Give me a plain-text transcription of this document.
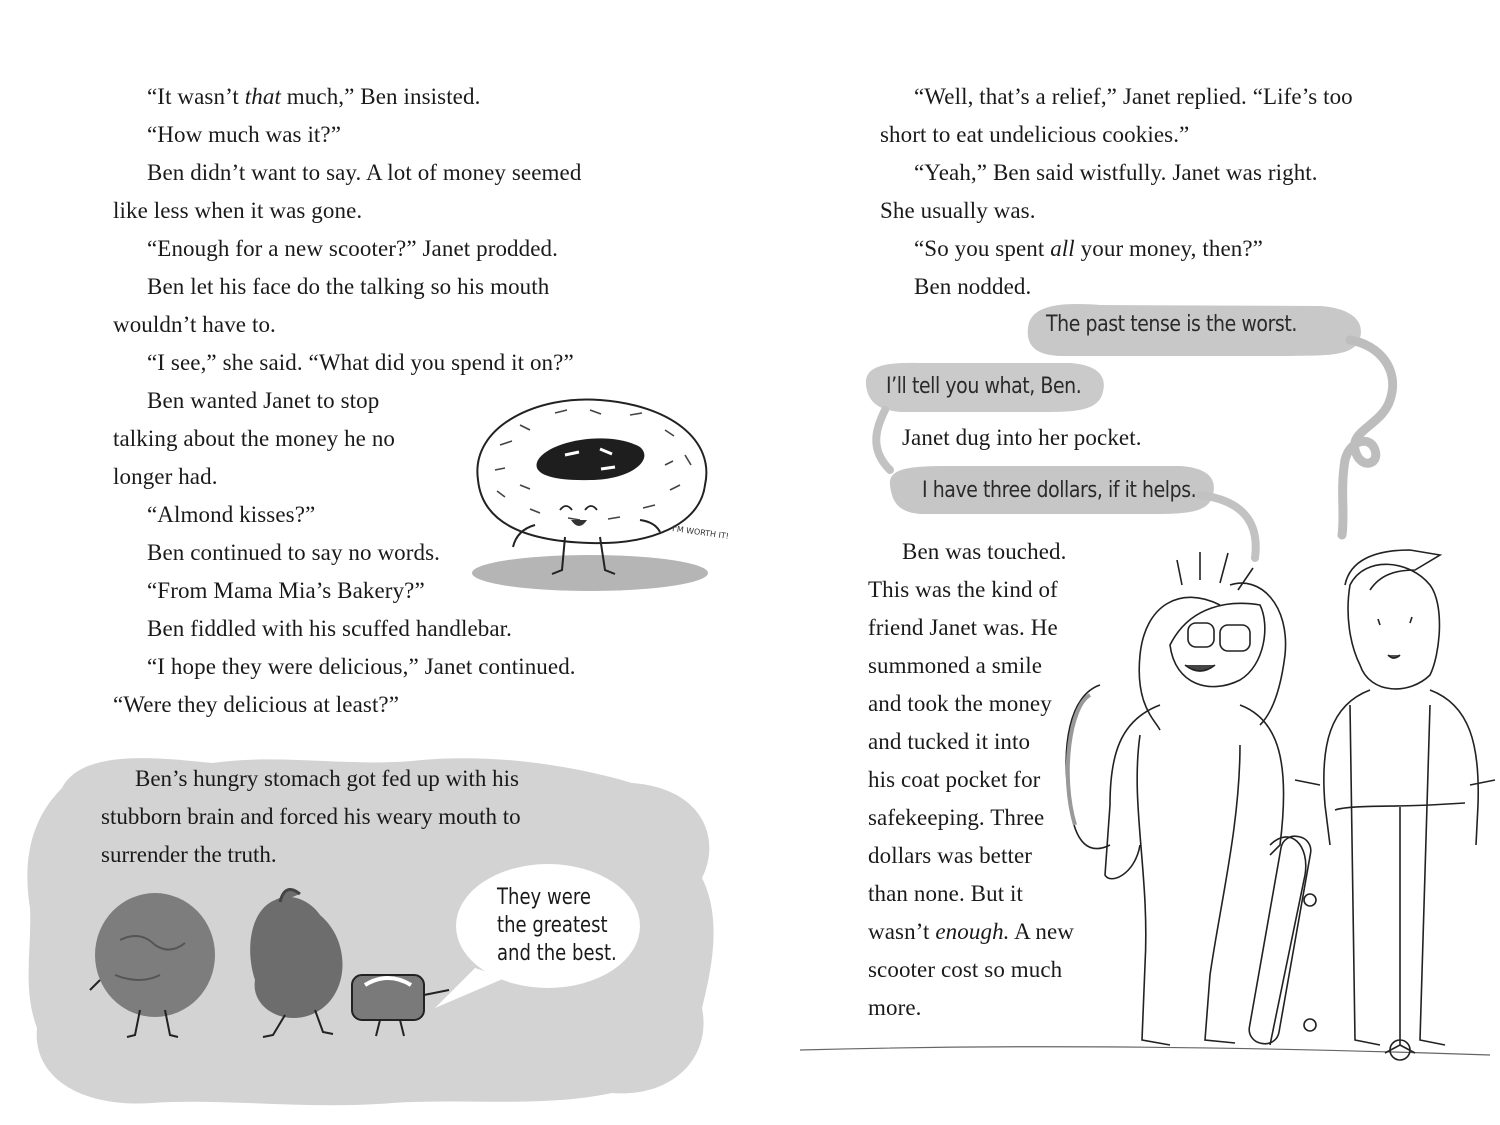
“It wasn’t that much,” Ben insisted.

“How much was it?”

Ben didn’t want to say. A lot of money seemed

like less when it was gone.

“Enough for a new scooter?” Janet prodded.

Ben let his face do the talking so his mouth

wouldn’t have to.

“I see,” she said. “What did you spend it on?”

Ben wanted Janet to stop

talking about the money he no

longer had.

“Almond kisses?”

Ben continued to say no words.

“From Mama Mia’s Bakery?”

Ben fiddled with his scuffed handlebar.

“I hope they were delicious,” Janet continued.

“Were they delicious at least?”

I'M WORTH IT!
Ben’s hungry stomach got fed up with his
stubborn brain and forced his weary mouth to
surrender the truth.
They were
the greatest
and the best.

“Well, that’s a relief,” Janet replied. “Life’s too

short to eat undelicious cookies.”

“Yeah,” Ben said wistfully. Janet was right.

She usually was.

“So you spent all your money, then?”

Ben nodded.

The past tense is the worst.
I’ll tell you what, Ben.

Janet dug into her pocket.

I have three dollars, if it helps.

Ben was touched.

This was the kind of

friend Janet was. He

summoned a smile

and took the money

and tucked it into

his coat pocket for

safekeeping. Three

dollars was better

than none. But it

wasn’t enough. A new

scooter cost so much

more.
